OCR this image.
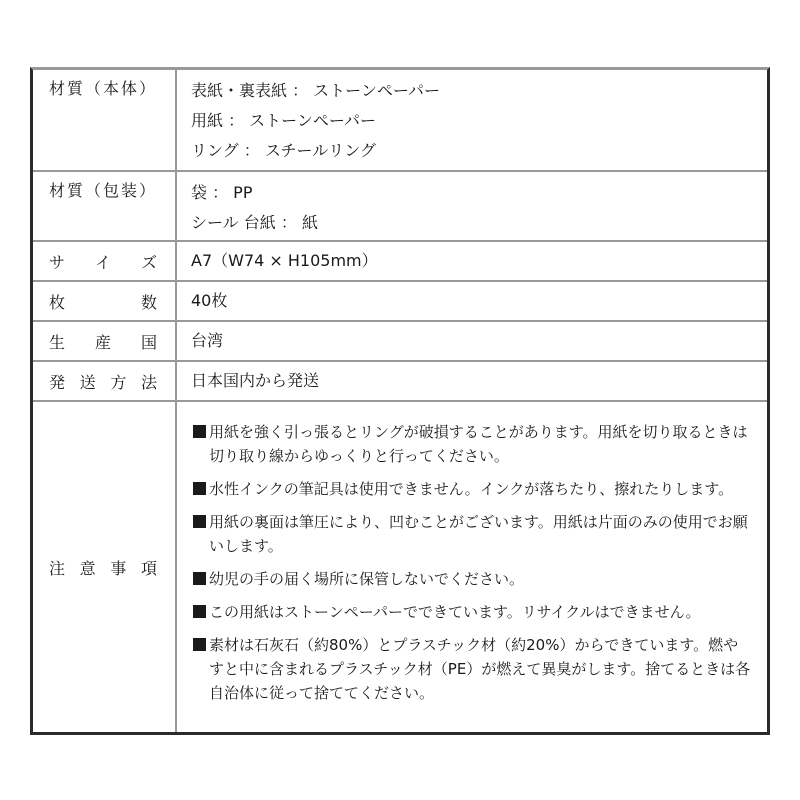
材質（本体） 表紙・裏表紙 ： ストーンペーパー
用紙 ： ストーンペーパー
リング ： スチールリング
材質（包装） 袋 ： PP
シール 台紙 ： 紙
サ イ ズ A7（W74 × H105mm）
枚	数 40枚
生 産 国 台湾
発 送 方 法 日本国内から発送
注 意 事 項
用紙を強く引っ張るとリングが破損することがあります。用紙を切り取るときは切り取り線からゆっくりと行ってください。
水性インクの筆記具は使用できません。インクが落ちたり、擦れたりします。
用紙の裏面は筆圧により、凹むことがございます。用紙は片面のみの使用でお願いします。
幼児の手の届く場所に保管しないでください。
この用紙はストーンペーパーでできています。リサイクルはできません。
素材は石灰石（約80%）とプラスチック材（約20%）からできています。燃やすと中に含まれるプラスチック材（PE）が燃えて異臭がします。捨てるときは各自治体に従って捨ててください。
